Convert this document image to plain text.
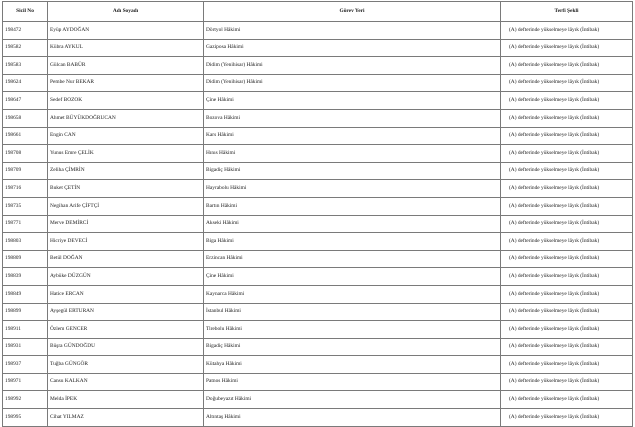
Sicil No	Adı Soyadı	Görev Yeri	Terfi Şekli
198472	Eyüp AYDOĞAN	Dörtyol Hâkimi	(A) defterinde yükselmeye lâyık (İntibak)
198582	Kübra AYKUL	Gaziposa Hâkimi	(A) defterinde yükselmeye lâyık (İntibak)
198583	Gülcan BABÜR	Didim (Yenihisar) Hâkimi	(A) defterinde yükselmeye lâyık (İntibak)
198624	Pembe Nur BEKAR	Didim (Yenihisar) Hâkimi	(A) defterinde yükselmeye lâyık (İntibak)
198647	Sedef BOZOK	Çine Hâkimi	(A) defterinde yükselmeye lâyık (İntibak)
198658	Ahmet BÜYÜKDOĞRUCAN	Bozova Hâkimi	(A) defterinde yükselmeye lâyık (İntibak)
198661	Engin CAN	Kars Hâkimi	(A) defterinde yükselmeye lâyık (İntibak)
198708	Yunus Emre ÇELİK	Hınıs Hâkimi	(A) defterinde yükselmeye lâyık (İntibak)
198709	Zeliha ÇİMRİN	Bigadiç Hâkimi	(A) defterinde yükselmeye lâyık (İntibak)
198716	Buket ÇETİN	Hayrabolu Hâkimi	(A) defterinde yükselmeye lâyık (İntibak)
198735	Negihan Arife ÇİFTÇİ	Bartın Hâkimi	(A) defterinde yükselmeye lâyık (İntibak)
198771	Merve DEMİRCİ	Akseki Hâkimi	(A) defterinde yükselmeye lâyık (İntibak)
198803	Hicriye DEVECİ	Biga Hâkimi	(A) defterinde yükselmeye lâyık (İntibak)
198809	Betül DOĞAN	Erzincan Hâkimi	(A) defterinde yükselmeye lâyık (İntibak)
198839	Aybüke DÜZGÜN	Çine Hâkimi	(A) defterinde yükselmeye lâyık (İntibak)
198849	Hatice ERCAN	Kaynarca Hâkimi	(A) defterinde yükselmeye lâyık (İntibak)
198899	Ayşegül ERTURAN	İstanbul Hâkimi	(A) defterinde yükselmeye lâyık (İntibak)
198911	Özlem GENCER	Tirebolu Hâkimi	(A) defterinde yükselmeye lâyık (İntibak)
198931	Büşra GÜNDOĞDU	Bigadiç Hâkimi	(A) defterinde yükselmeye lâyık (İntibak)
198937	Tuğba GÜNGÖR	Kütahya Hâkimi	(A) defterinde yükselmeye lâyık (İntibak)
198971	Cansu KALKAN	Patnos Hâkimi	(A) defterinde yükselmeye lâyık (İntibak)
198992	Melda İPEK	Doğubeyazıt Hâkimi	(A) defterinde yükselmeye lâyık (İntibak)
198995	Cihat YILMAZ	Altıntaş Hâkimi	(A) defterinde yükselmeye lâyık (İntibak)
